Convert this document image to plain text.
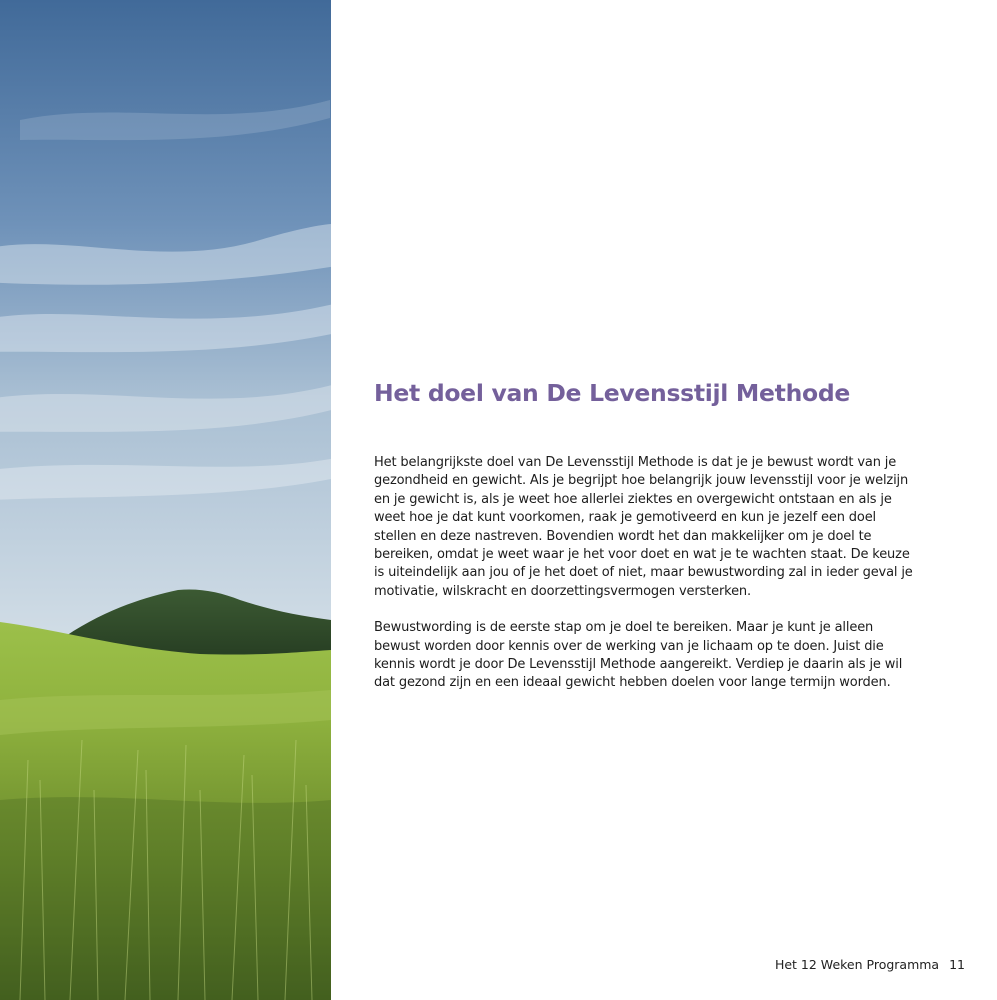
Het doel van De Levensstijl Methode

Het belangrijkste doel van De Levensstijl Methode is dat je je bewust wordt van je gezondheid en gewicht. Als je begrijpt hoe belangrijk jouw levensstijl voor je welzijn en je gewicht is, als je weet hoe allerlei ziektes en overgewicht ontstaan en als je weet hoe je dat kunt voorkomen, raak je gemotiveerd en kun je jezelf een doel stellen en deze nastreven. Bovendien wordt het dan makkelijker om je doel te bereiken, omdat je weet waar je het voor doet en wat je te wachten staat. De keuze is uiteindelijk aan jou of je het doet of niet, maar bewustwording zal in ieder geval je motivatie, wilskracht en doorzettingsvermogen versterken.

Bewustwording is de eerste stap om je doel te bereiken. Maar je kunt je alleen bewust worden door kennis over de werking van je lichaam op te doen. Juist die kennis wordt je door De Levensstijl Methode aangereikt. Verdiep je daarin als je wil dat gezond zijn en een ideaal gewicht hebben doelen voor lange termijn worden.

Het 12 Weken Programma 11
